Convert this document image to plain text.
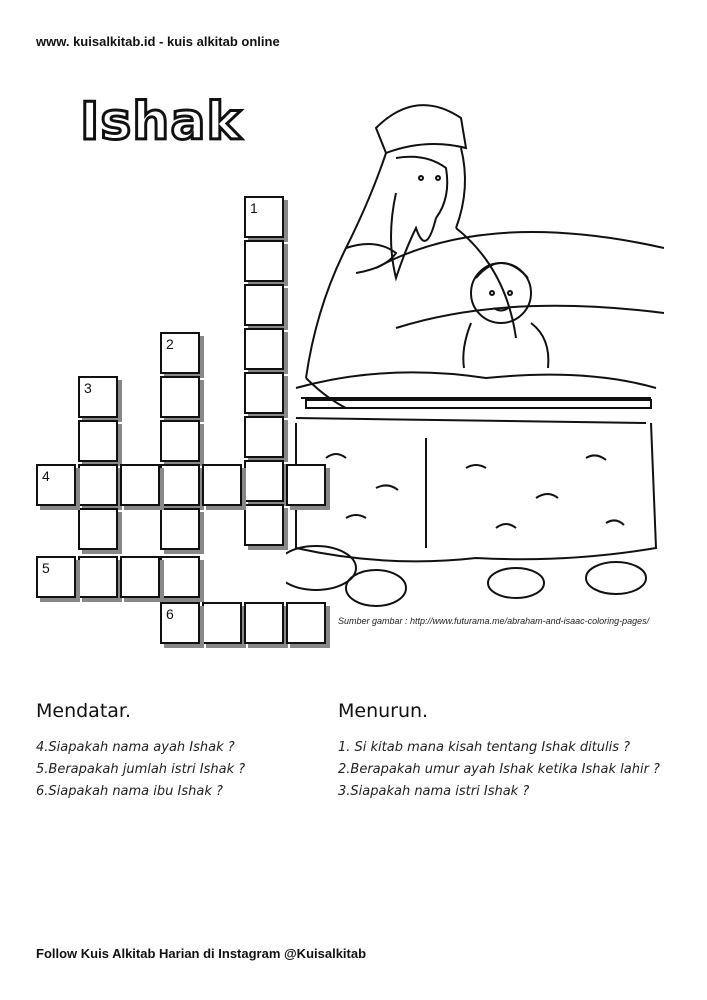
www. kuisalkitab.id - kuis alkitab online
Ishak
Sumber gambar : http://www.futurama.me/abraham-and-isaac-coloring-pages/
1
2
3
4
5
6
Mendatar.
4.Siapakah nama ayah Ishak ?
5.Berapakah jumlah istri Ishak ?
6.Siapakah nama ibu Ishak ?
Menurun.
1. Si kitab mana kisah tentang Ishak ditulis ?
2.Berapakah umur ayah Ishak ketika Ishak lahir ?
3.Siapakah nama istri Ishak ?
Follow Kuis Alkitab Harian di Instagram @Kuisalkitab
